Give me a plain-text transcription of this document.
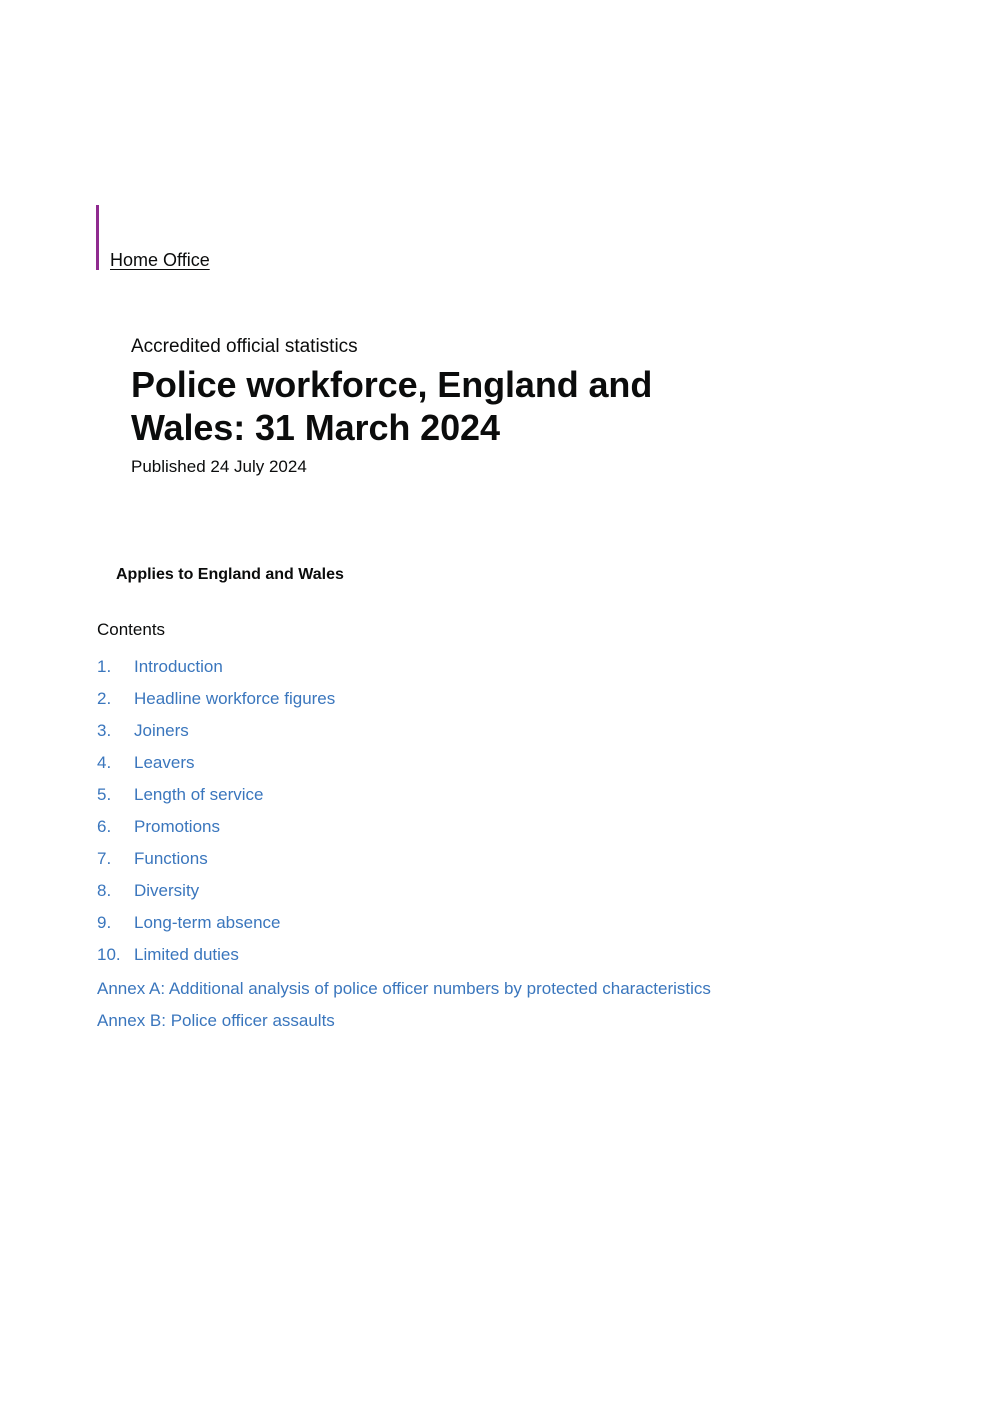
Home Office

Accredited official statistics

Police workforce, England and Wales: 31 March 2024

Published 24 July 2024

Applies to England and Wales
Contents
1.	Introduction
2.	Headline workforce figures
3.	Joiners
4.	Leavers
5.	Length of service
6.	Promotions
7.	Functions
8.	Diversity
9.	Long-term absence
10. Limited duties
Annex A: Additional analysis of police officer numbers by protected characteristics
Annex B: Police officer assaults
